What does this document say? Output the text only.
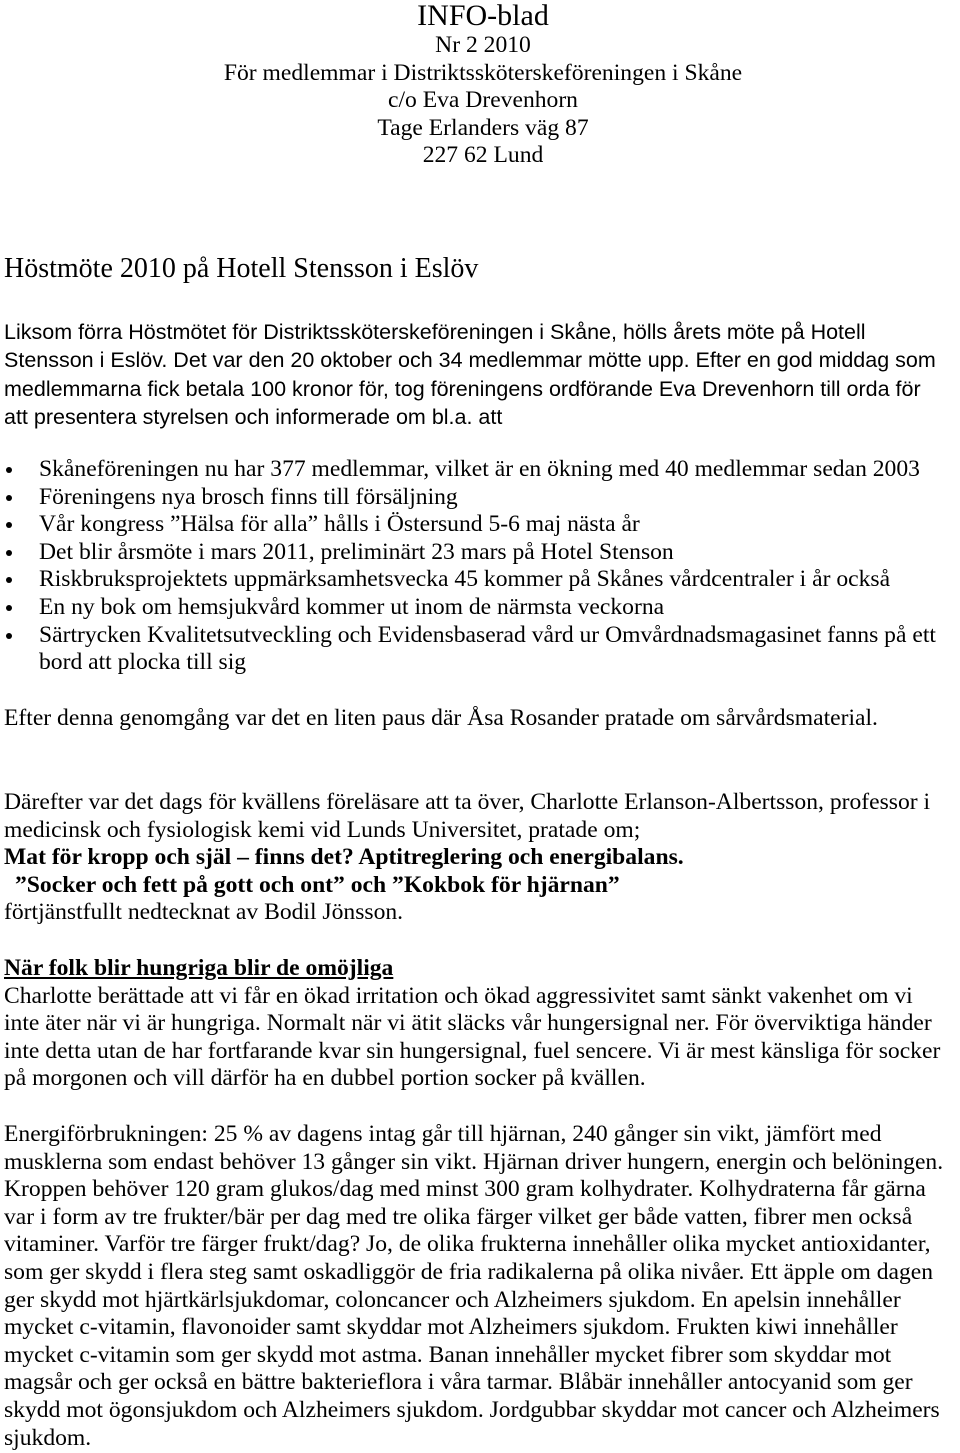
INFO-blad
Nr 2 2010
För medlemmar i Distriktssköterskeföreningen i Skåne
c/o Eva Drevenhorn
Tage Erlanders väg 87
227 62 Lund
Höstmöte 2010 på Hotell Stensson i Eslöv
Liksom förra Höstmötet för Distriktssköterskeföreningen i Skåne, hölls årets möte på Hotell
Stensson i Eslöv. Det var den 20 oktober och 34 medlemmar mötte upp. Efter en god middag som
medlemmarna fick betala 100 kronor för, tog föreningens ordförande Eva Drevenhorn till orda för
att presentera styrelsen och informerade om bl.a. att
Skåneföreningen nu har 377 medlemmar, vilket är en ökning med 40 medlemmar sedan 2003
Föreningens nya brosch finns till försäljning
Vår kongress ”Hälsa för alla” hålls i Östersund 5-6 maj nästa år
Det blir årsmöte i mars 2011, preliminärt 23 mars på Hotel Stenson
Riskbruksprojektets uppmärksamhetsvecka 45 kommer på Skånes vårdcentraler i år också
En ny bok om hemsjukvård kommer ut inom de närmsta veckorna
Särtrycken Kvalitetsutveckling och Evidensbaserad vård ur Omvårdnadsmagasinet fanns på ett
bord att plocka till sig
Efter denna genomgång var det en liten paus där Åsa Rosander pratade om sårvårdsmaterial.
Därefter var det dags för kvällens föreläsare att ta över, Charlotte Erlanson-Albertsson, professor i
medicinsk och fysiologisk kemi vid Lunds Universitet, pratade om;
Mat för kropp och själ – finns det? Aptitreglering och energibalans.
”Socker och fett på gott och ont” och ”Kokbok för hjärnan”
förtjänstfullt nedtecknat av Bodil Jönsson.
När folk blir hungriga blir de omöjliga
Charlotte berättade att vi får en ökad irritation och ökad aggressivitet samt sänkt vakenhet om vi
inte äter när vi är hungriga. Normalt när vi ätit släcks vår hungersignal ner. För överviktiga händer
inte detta utan de har fortfarande kvar sin hungersignal, fuel sencere. Vi är mest känsliga för socker
på morgonen och vill därför ha en dubbel portion socker på kvällen.
Energiförbrukningen: 25 % av dagens intag går till hjärnan, 240 gånger sin vikt, jämfört med
musklerna som endast behöver 13 gånger sin vikt. Hjärnan driver hungern, energin och belöningen.
Kroppen behöver 120 gram glukos/dag med minst 300 gram kolhydrater. Kolhydraterna får gärna
var i form av tre frukter/bär per dag med tre olika färger vilket ger både vatten, fibrer men också
vitaminer. Varför tre färger frukt/dag? Jo, de olika frukterna innehåller olika mycket antioxidanter,
som ger skydd i flera steg samt oskadliggör de fria radikalerna på olika nivåer. Ett äpple om dagen
ger skydd mot hjärtkärlsjukdomar, coloncancer och Alzheimers sjukdom. En apelsin innehåller
mycket c-vitamin, flavonoider samt skyddar mot Alzheimers sjukdom. Frukten kiwi innehåller
mycket c-vitamin som ger skydd mot astma. Banan innehåller mycket fibrer som skyddar mot
magsår och ger också en bättre bakterieflora i våra tarmar. Blåbär innehåller antocyanid som ger
skydd mot ögonsjukdom och Alzheimers sjukdom. Jordgubbar skyddar mot cancer och Alzheimers
sjukdom.
